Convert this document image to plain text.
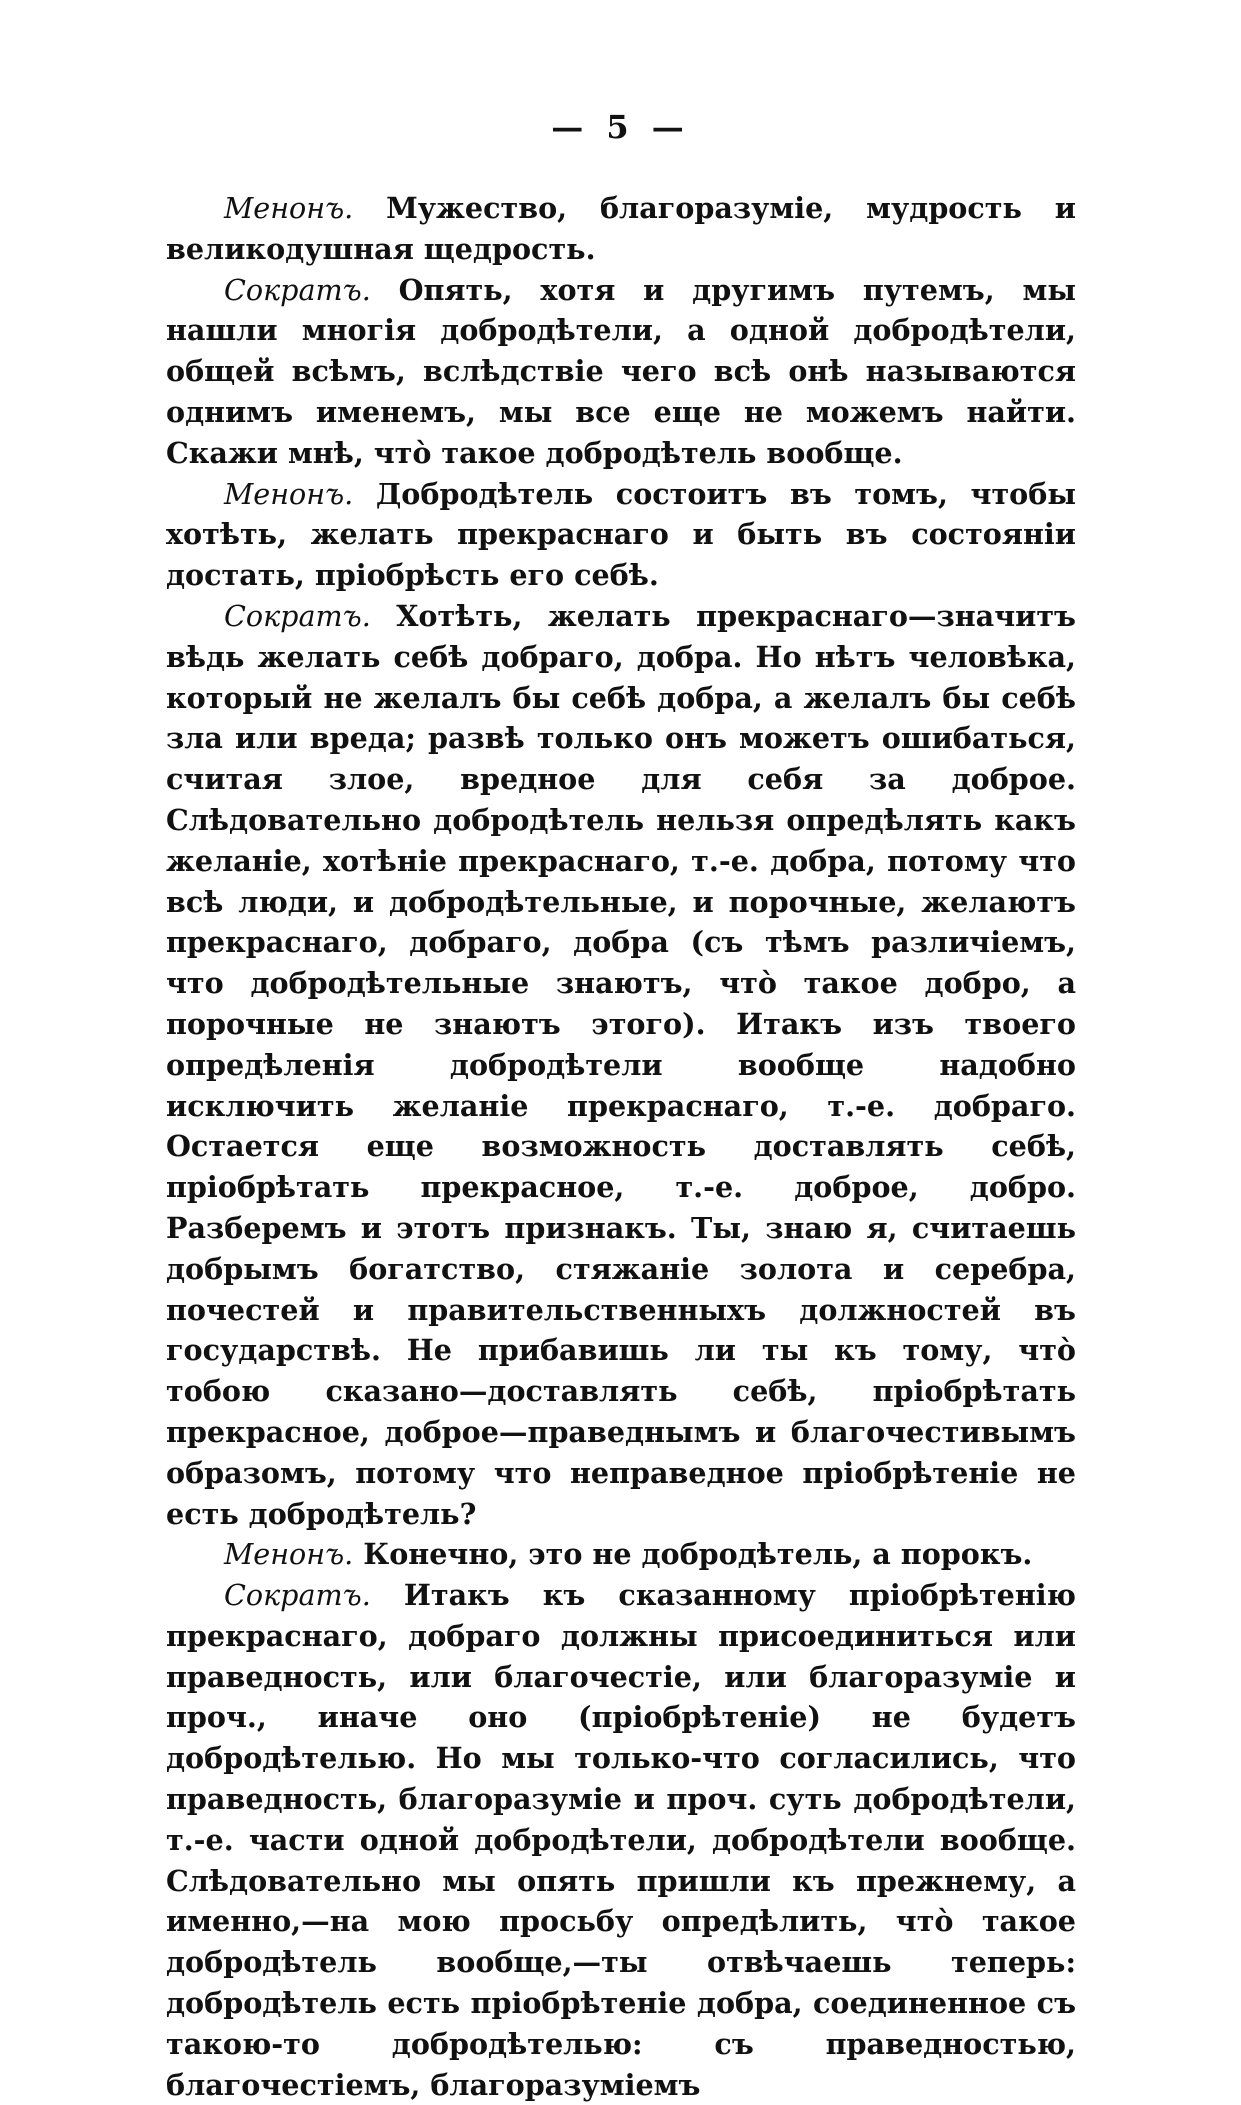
— 5 —

Менонъ. Мужество, благоразуміе, мудрость и великодушная щедрость.

Сократъ. Опять, хотя и другимъ путемъ, мы нашли многія добродѣтели, а одной добродѣтели, общей всѣмъ, вслѣдствіе чего всѣ онѣ называются однимъ именемъ, мы все еще не можемъ найти. Скажи мнѣ, что̀ такое добродѣтель вообще.

Менонъ. Добродѣтель состоитъ въ томъ, чтобы хотѣть, желать прекраснаго и быть въ состояніи достать, пріобрѣсть его себѣ.

Сократъ. Хотѣть, желать прекраснаго—значитъ вѣдь желать себѣ добраго, добра. Но нѣтъ человѣка, который не желалъ бы себѣ добра, а желалъ бы себѣ зла или вреда; развѣ только онъ можетъ ошибаться, считая злое, вредное для себя за доброе. Слѣдовательно добродѣтель нельзя опредѣлять какъ желаніе, хотѣніе прекраснаго, т.-е. добра, потому что всѣ люди, и добродѣтельные, и порочные, желаютъ прекраснаго, добраго, добра (съ тѣмъ различіемъ, что добродѣтельные знаютъ, что̀ такое добро, а порочные не знаютъ этого). Итакъ изъ твоего опредѣленія добродѣтели вообще надобно исключить желаніе прекраснаго, т.-е. добраго. Остается еще возможность доставлять себѣ, пріобрѣтать прекрасное, т.-е. доброе, добро. Разберемъ и этотъ признакъ. Ты, знаю я, считаешь добрымъ богатство, стяжаніе золота и серебра, почестей и правительственныхъ должностей въ государствѣ. Не прибавишь ли ты къ тому, что̀ тобою сказано—доставлять себѣ, пріобрѣтать прекрасное, доброе—праведнымъ и благочестивымъ образомъ, потому что неправедное пріобрѣтеніе не есть добродѣтель?

Менонъ. Конечно, это не добродѣтель, а порокъ.

Сократъ. Итакъ къ сказанному пріобрѣтенію прекраснаго, добраго должны присоединиться или праведность, или благочестіе, или благоразуміе и проч., иначе оно (пріобрѣтеніе) не будетъ добродѣтелью. Но мы только-что согласились, что праведность, благоразуміе и проч. суть добродѣтели, т.-е. части одной добродѣтели, добродѣтели вообще. Слѣдовательно мы опять пришли къ прежнему, а именно,—на мою просьбу опредѣлить, что̀ такое добродѣтель вообще,—ты отвѣчаешь теперь: добродѣтель есть пріобрѣтеніе добра, соединенное съ такою-то добродѣтелью: съ праведностью, благочестіемъ, благоразуміемъ
